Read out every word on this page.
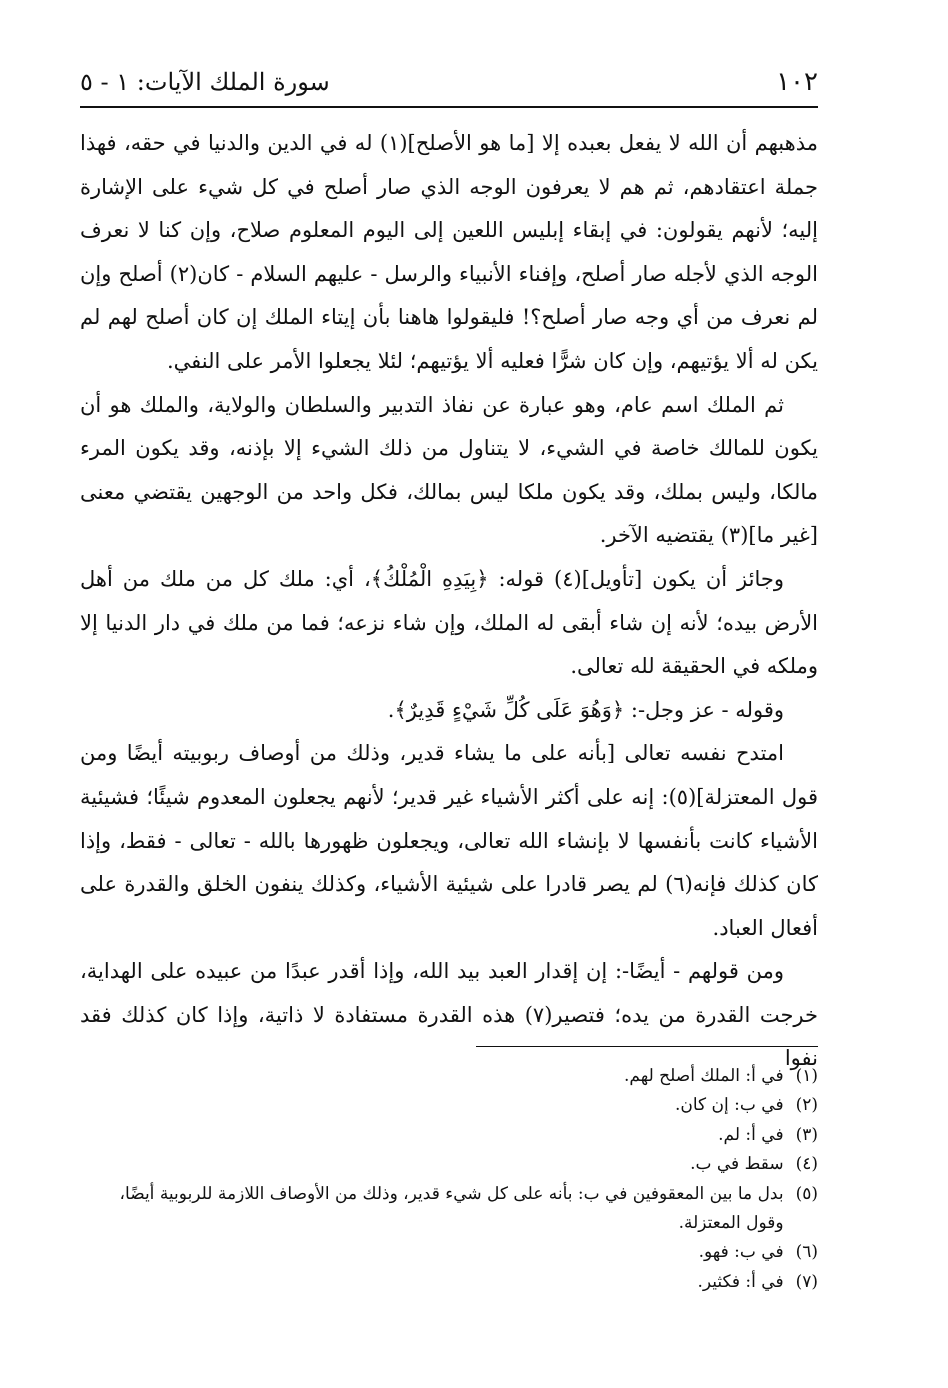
١٠٢
سورة الملك الآيات: ١ - ٥

مذهبهم أن الله لا يفعل بعبده إلا [ما هو الأصلح](١) له في الدين والدنيا في حقه، فهذا جملة اعتقادهم، ثم هم لا يعرفون الوجه الذي صار أصلح في كل شيء على الإشارة إليه؛ لأنهم يقولون: في إبقاء إبليس اللعين إلى اليوم المعلوم صلاح، وإن كنا لا نعرف الوجه الذي لأجله صار أصلح، وإفناء الأنبياء والرسل - عليهم السلام - كان(٢) أصلح وإن لم نعرف من أي وجه صار أصلح؟! فليقولوا هاهنا بأن إيتاء الملك إن كان أصلح لهم لم يكن له ألا يؤتيهم، وإن كان شرًّا فعليه ألا يؤتيهم؛ لئلا يجعلوا الأمر على النفي.

ثم الملك اسم عام، وهو عبارة عن نفاذ التدبير والسلطان والولاية، والملك هو أن يكون للمالك خاصة في الشيء، لا يتناول من ذلك الشيء إلا بإذنه، وقد يكون المرء مالكا، وليس بملك، وقد يكون ملكا ليس بمالك، فكل واحد من الوجهين يقتضي معنى [غير ما](٣) يقتضيه الآخر.

وجائز أن يكون [تأويل](٤) قوله: ﴿بِيَدِهِ الْمُلْكُ﴾، أي: ملك كل من ملك من أهل الأرض بيده؛ لأنه إن شاء أبقى له الملك، وإن شاء نزعه؛ فما من ملك في دار الدنيا إلا وملكه في الحقيقة لله تعالى.

وقوله - عز وجل-: ﴿وَهُوَ عَلَى كُلِّ شَيْءٍ قَدِيرٌ﴾.

امتدح نفسه تعالى [بأنه على ما يشاء قدير، وذلك من أوصاف ربوبيته أيضًا ومن قول المعتزلة](٥): إنه على أكثر الأشياء غير قدير؛ لأنهم يجعلون المعدوم شيئًا؛ فشيئية الأشياء كانت بأنفسها لا بإنشاء الله تعالى، ويجعلون ظهورها بالله - تعالى - فقط، وإذا كان كذلك فإنه(٦) لم يصر قادرا على شيئية الأشياء، وكذلك ينفون الخلق والقدرة على أفعال العباد.

ومن قولهم - أيضًا-: إن إقدار العبد بيد الله، وإذا أقدر عبدًا من عبيده على الهداية، خرجت القدرة من يده؛ فتصير(٧) هذه القدرة مستفادة لا ذاتية، وإذا كان كذلك فقد نفوا

(١)
في أ: الملك أصلح لهم.
(٢)
في ب: إن كان.
(٣)
في أ: لم.
(٤)
سقط في ب.
(٥)
بدل ما بين المعقوفين في ب: بأنه على كل شيء قدير، وذلك من الأوصاف اللازمة للربوبية أيضًا، وقول المعتزلة.
(٦)
في ب: فهو.
(٧)
في أ: فكثير.
